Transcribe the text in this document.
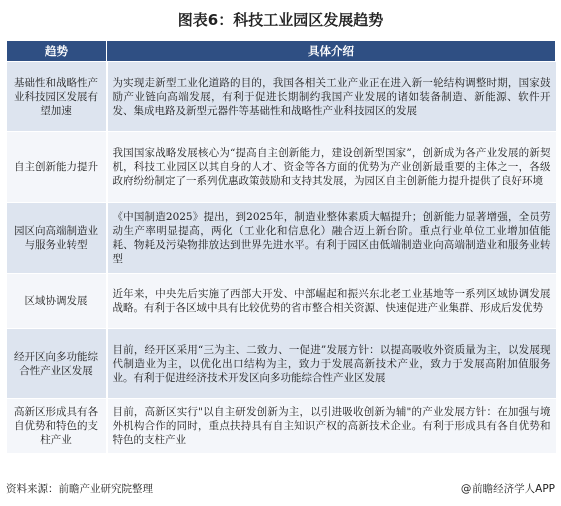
图表6：科技工业园区发展趋势
趋势	具体介绍
基础性和战略性产业科技园区发展有望加速	为实现走新型工业化道路的目的，我国各相关工业产业正在进入新一轮结构调整时期，国家鼓励产业链向高端发展，有利于促进长期制约我国产业发展的诸如装备制造、新能源、软件开发、集成电路及新型元器件等基础性和战略性产业科技园区的发展
自主创新能力提升	我国国家战略发展核心为“提高自主创新能力，建设创新型国家”，创新成为各产业发展的新契机，科技工业园区以其自身的人才、资金等各方面的优势为产业创新最重要的主体之一，各级政府纷纷制定了一系列优惠政策鼓励和支持其发展，为园区自主创新能力提升提供了良好环境
园区向高端制造业与服务业转型	《中国制造2025》提出，到2025年，制造业整体素质大幅提升；创新能力显著增强，全员劳动生产率明显提高，两化（工业化和信息化）融合迈上新台阶。重点行业单位工业增加值能耗、物耗及污染物排放达到世界先进水平。有利于园区由低端制造业向高端制造业和服务业转型
区域协调发展	近年来，中央先后实施了西部大开发、中部崛起和振兴东北老工业基地等一系列区域协调发展战略。有利于各区域中具有比较优势的省市整合相关资源、快速促进产业集群、形成后发优势
经开区向多功能综合性产业区发展	目前，经开区采用“三为主、二致力、一促进”发展方针：以提高吸收外资质量为主，以发展现代制造业为主，以优化出口结构为主，致力于发展高新技术产业，致力于发展高附加值服务业。有利于促进经济技术开发区向多功能综合性产业区发展
高新区形成具有各自优势和特色的支柱产业	目前，高新区实行"以自主研发创新为主，以引进吸收创新为辅"的产业发展方针：在加强与境外机构合作的同时，重点扶持具有自主知识产权的高新技术企业。有利于形成具有各自优势和特色的支柱产业
资料来源：前瞻产业研究院整理	@前瞻经济学人APP
